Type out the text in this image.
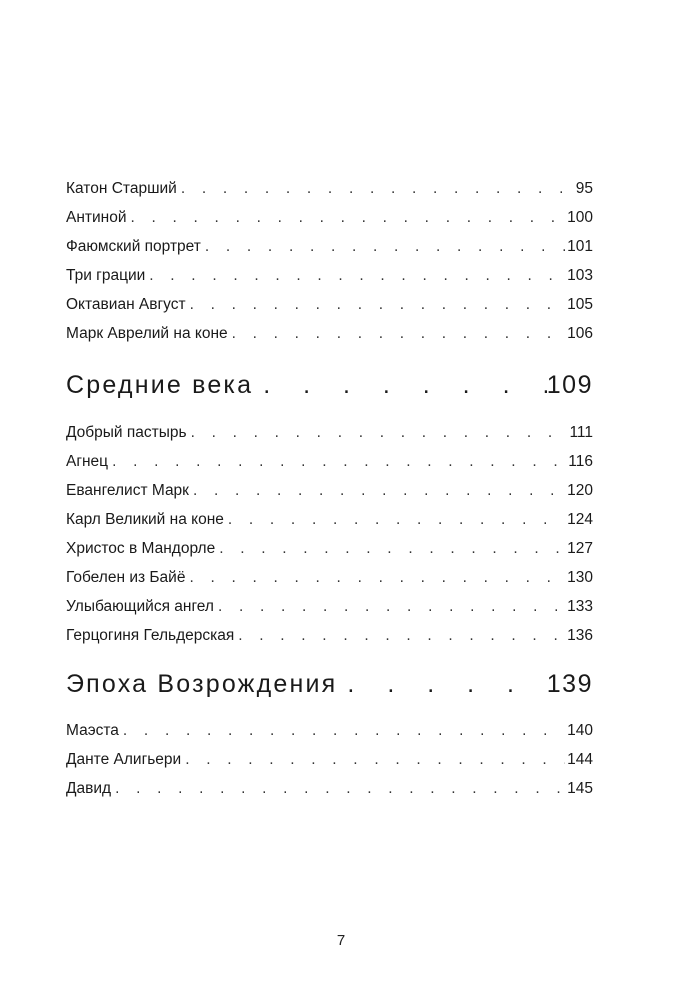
Катон Старший . . .	95
Антиной . . .	100
Фаюмский портрет . . .	101
Три грации . . .	103
Октавиан Август . . .	105
Марк Аврелий на коне . . .	106
Средние века . . .	109
Добрый пастырь . . .	111
Агнец . . .	116
Евангелист Марк . . .	120
Карл Великий на коне . . .	124
Христос в Мандорле . . .	127
Гобелен из Байё . . .	130
Улыбающийся ангел . . .	133
Герцогиня Гельдерская . . .	136
Эпоха Возрождения . . .	139
Маэста . . .	140
Данте Алигьери . . .	144
Давид . . .	145
7
